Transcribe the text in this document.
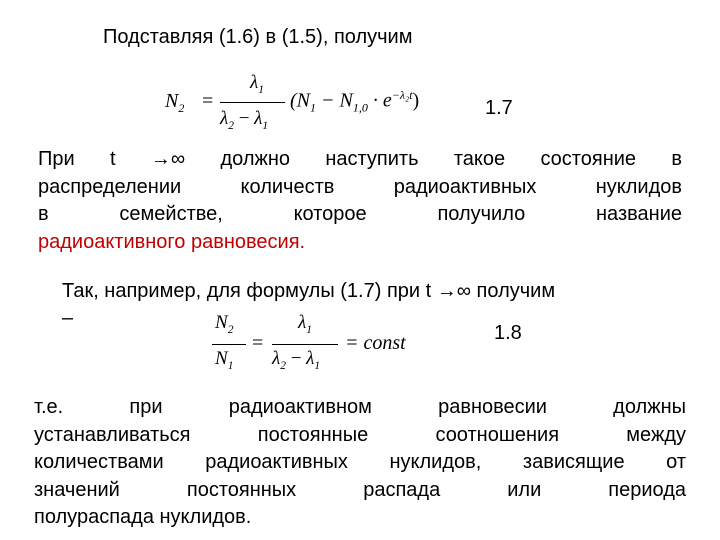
Подставляя (1.6) в (1.5), получим
$N_2$ =
$\lambda_1$
$\lambda_2 - \lambda_1$
$(N_1 - N_{1,0} \cdot e^{-\lambda_2t})$	1.7
При t →∞ должно наступить такое состояние в
распределении количеств радиоактивных нуклидов
в семействе, которое получило название
радиоактивного равновесия.
Так, например, для формулы (1.7) при t →∞ получим
–	$N_2$
$N_1$
=
$\lambda_1$
$\lambda_2 - \lambda_1$
= const	1.8
т.е. при радиоактивном равновесии должны
устанавливаться постоянные соотношения между
количествами радиоактивных нуклидов, зависящие от
значений постоянных распада или периода
полураспада нуклидов.
